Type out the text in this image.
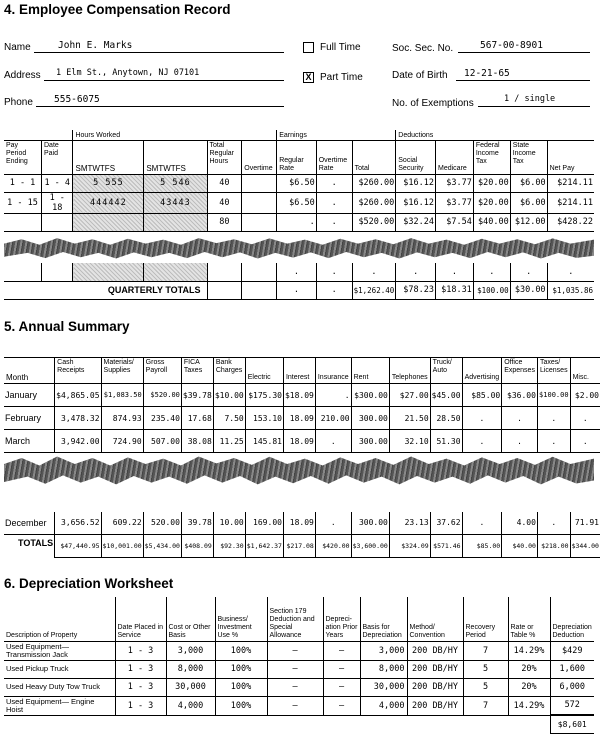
4. Employee Compensation Record
Name	John E. Marks
Address	1 Elm St., Anytown, NJ 07101
Phone	555-6075
Full Time
X Part Time
Soc. Sec. No.	567-00-8901
Date of Birth	12-21-65
No. of Exemptions	1 / single
		Hours Worked				Earnings			Deductions				
Pay Period Ending	Date Paid	SMTWTFS	SMTWTFS	Total Regular Hours	Overtime	Regular Rate	Overtime Rate	Total	Social Security	Medicare	Federal Income Tax	State Income Tax	Net Pay
1 - 1	1 - 4	5 555	5 546	40		$6.50	.	$260.00	$16.12	$3.77	$20.00	$6.00	$214.11
1 - 15	1 - 18	444442	43443	40		$6.50	.	$260.00	$16.12	$3.77	$20.00	$6.00	$214.11
				80		.	.	$520.00	$32.24	$7.54	$40.00	$12.00	$428.22

						.	.	.	.	.	.	.	.
QUARTERLY TOTALS						.	.	$1,262.40	$78.23	$18.31	$100.00	$30.00	$1,035.86
5. Annual Summary
Month	Cash Receipts	Materials/ Supplies	Gross Payroll	FICA Taxes	Bank Charges	Electric	Interest	Insurance	Rent	Telephones	Truck/ Auto	Advertising	Office Expenses	Taxes/ Licenses	Misc.
January	$4,865.05	$1,083.50	$520.00	$39.78	$10.00	$175.30	$18.09	.	$300.00	$27.00	$45.00	$85.00	$36.00	$100.00	$2.00
February	3,478.32	874.93	235.40	17.68	7.50	153.10	18.09	210.00	300.00	21.50	28.50	.	.	.	.
March	3,942.00	724.90	507.00	38.08	11.25	145.81	18.09	.	300.00	32.10	51.30	.	.	.	.

December	3,656.52	609.22	520.00	39.78	10.00	169.00	18.09	.	300.00	23.13	37.62	.	4.00	.	71.91
TOTALS	$47,440.95	$10,001.00	$5,434.00	$408.09	$92.30	$1,642.37	$217.08	$420.00	$3,600.00	$324.09	$571.46	$85.00	$40.00	$218.00	$344.00
6. Depreciation Worksheet
Description of Property	Date Placed in Service	Cost or Other Basis	Business/ Investment Use %	Section 179 Deduction and Special Allowance	Depreci- ation Prior Years	Basis for Depreciation	Method/ Convention	Recovery Period	Rate or Table %	Depreciation Deduction
Used Equipment— Transmission Jack	1 - 3	3,000	100%	—	—	3,000	200 DB/HY	7	14.29%	$429
Used Pickup Truck	1 - 3	8,000	100%	—	—	8,000	200 DB/HY	5	20%	1,600
Used Heavy Duty Tow Truck	1 - 3	30,000	100%	—	—	30,000	200 DB/HY	5	20%	6,000
Used Equipment— Engine Hoist	1 - 3	4,000	100%	—	—	4,000	200 DB/HY	7	14.29%	572
										$8,601
